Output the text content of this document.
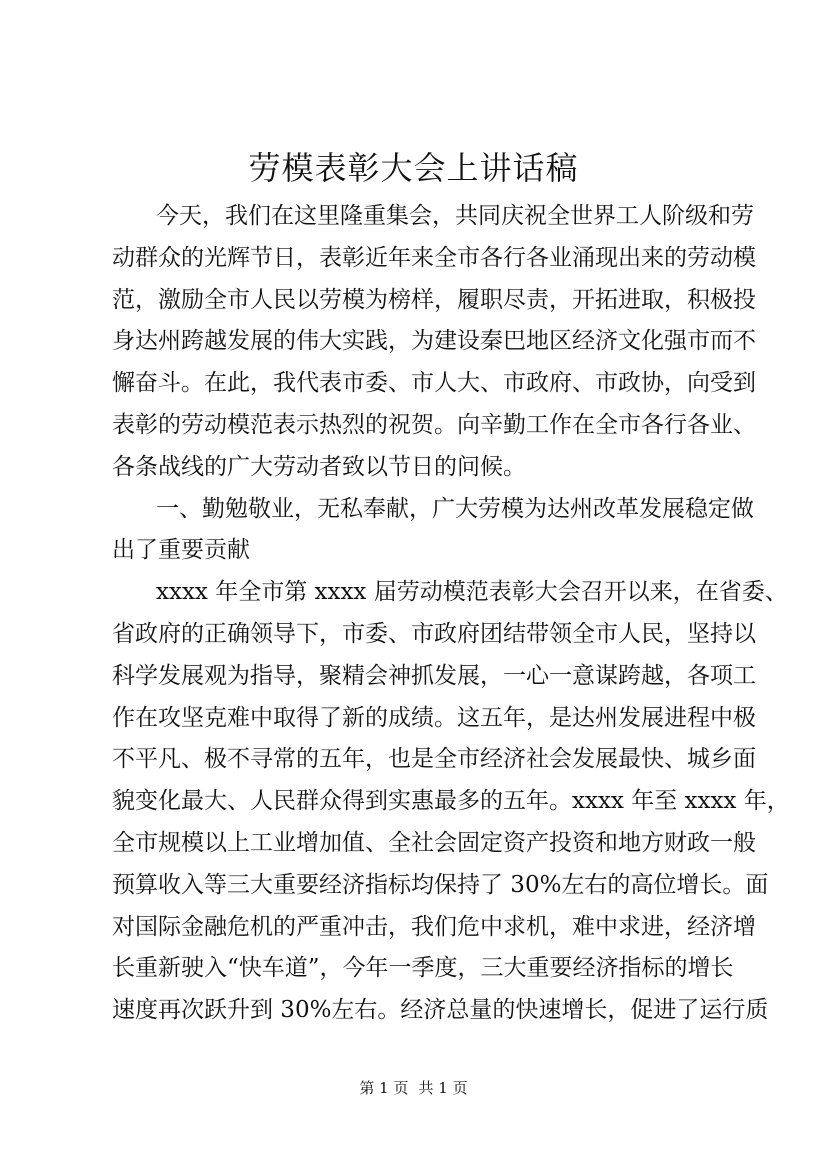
劳模表彰大会上讲话稿
今天，我们在这里隆重集会，共同庆祝全世界工人阶级和劳
动群众的光辉节日，表彰近年来全市各行各业涌现出来的劳动模
范，激励全市人民以劳模为榜样，履职尽责，开拓进取，积极投
身达州跨越发展的伟大实践，为建设秦巴地区经济文化强市而不
懈奋斗。在此，我代表市委、市人大、市政府、市政协，向受到
表彰的劳动模范表示热烈的祝贺。向辛勤工作在全市各行各业、
各条战线的广大劳动者致以节日的问候。
一、勤勉敬业，无私奉献，广大劳模为达州改革发展稳定做
出了重要贡献
xxxx 年全市第 xxxx 届劳动模范表彰大会召开以来，在省委、
省政府的正确领导下，市委、市政府团结带领全市人民，坚持以
科学发展观为指导，聚精会神抓发展，一心一意谋跨越，各项工
作在攻坚克难中取得了新的成绩。这五年，是达州发展进程中极
不平凡、极不寻常的五年，也是全市经济社会发展最快、城乡面
貌变化最大、人民群众得到实惠最多的五年。xxxx 年至 xxxx 年，
全市规模以上工业增加值、全社会固定资产投资和地方财政一般
预算收入等三大重要经济指标均保持了 30%左右的高位增长。面
对国际金融危机的严重冲击，我们危中求机，难中求进，经济增
长重新驶入“快车道”，今年一季度，三大重要经济指标的增长
速度再次跃升到 30%左右。经济总量的快速增长，促进了运行质
第 1 页 共 1 页
